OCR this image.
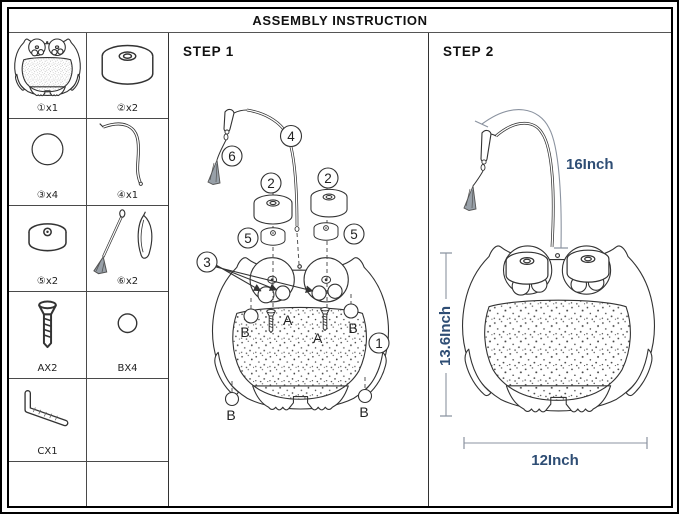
ASSEMBLY INSTRUCTION
①x1	②x2
③x4	④x1
⑤x2	⑥x2
AX2	BX4
CX1
STEP 1
A
A
B	B
B	B
2	2
5	5
3
4
6
1
STEP 2
16Inch
13.6Inch
12Inch
